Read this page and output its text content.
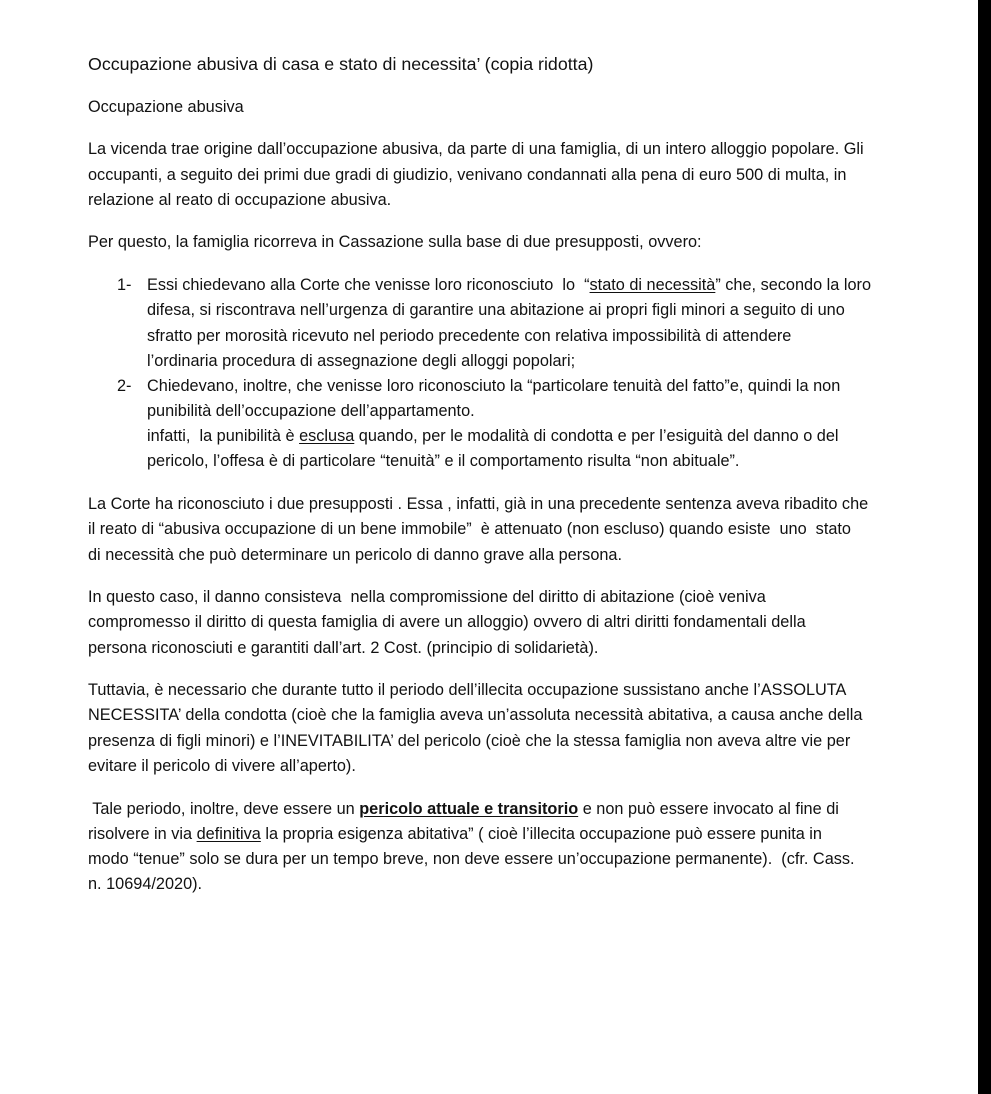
Occupazione abusiva di casa e stato di necessita’ (copia ridotta)
Occupazione abusiva
La vicenda trae origine dall’occupazione abusiva, da parte di una famiglia, di un intero alloggio popolare. Gli
occupanti, a seguito dei primi due gradi di giudizio, venivano condannati alla pena di euro 500 di multa, in
relazione al reato di occupazione abusiva.
Per questo, la famiglia ricorreva in Cassazione sulla base di due presupposti, ovvero:
1- Essi chiedevano alla Corte che venisse loro riconosciuto  lo  “stato di necessità” che, secondo la loro
difesa, si riscontrava nell’urgenza di garantire una abitazione ai propri figli minori a seguito di uno
sfratto per morosità ricevuto nel periodo precedente con relativa impossibilità di attendere
l’ordinaria procedura di assegnazione degli alloggi popolari;
2- Chiedevano, inoltre, che venisse loro riconosciuto la “particolare tenuità del fatto”e, quindi la non
punibilità dell’occupazione dell’appartamento.
infatti,  la punibilità è esclusa quando, per le modalità di condotta e per l’esiguità del danno o del
pericolo, l’offesa è di particolare “tenuità” e il comportamento risulta “non abituale”.
La Corte ha riconosciuto i due presupposti . Essa , infatti, già in una precedente sentenza aveva ribadito che
il reato di “abusiva occupazione di un bene immobile”  è attenuato (non escluso) quando esiste  uno  stato
di necessità che può determinare un pericolo di danno grave alla persona.
In questo caso, il danno consisteva  nella compromissione del diritto di abitazione (cioè veniva
compromesso il diritto di questa famiglia di avere un alloggio) ovvero di altri diritti fondamentali della
persona riconosciuti e garantiti dall’art. 2 Cost. (principio di solidarietà).
Tuttavia, è necessario che durante tutto il periodo dell’illecita occupazione sussistano anche l’ASSOLUTA
NECESSITA’ della condotta (cioè che la famiglia aveva un’assoluta necessità abitativa, a causa anche della
presenza di figli minori) e l’INEVITABILITA’ del pericolo (cioè che la stessa famiglia non aveva altre vie per
evitare il pericolo di vivere all’aperto).
Tale periodo, inoltre, deve essere un pericolo attuale e transitorio e non può essere invocato al fine di
risolvere in via definitiva la propria esigenza abitativa” ( cioè l’illecita occupazione può essere punita in
modo “tenue” solo se dura per un tempo breve, non deve essere un’occupazione permanente).  (cfr. Cass.
n. 10694/2020).
